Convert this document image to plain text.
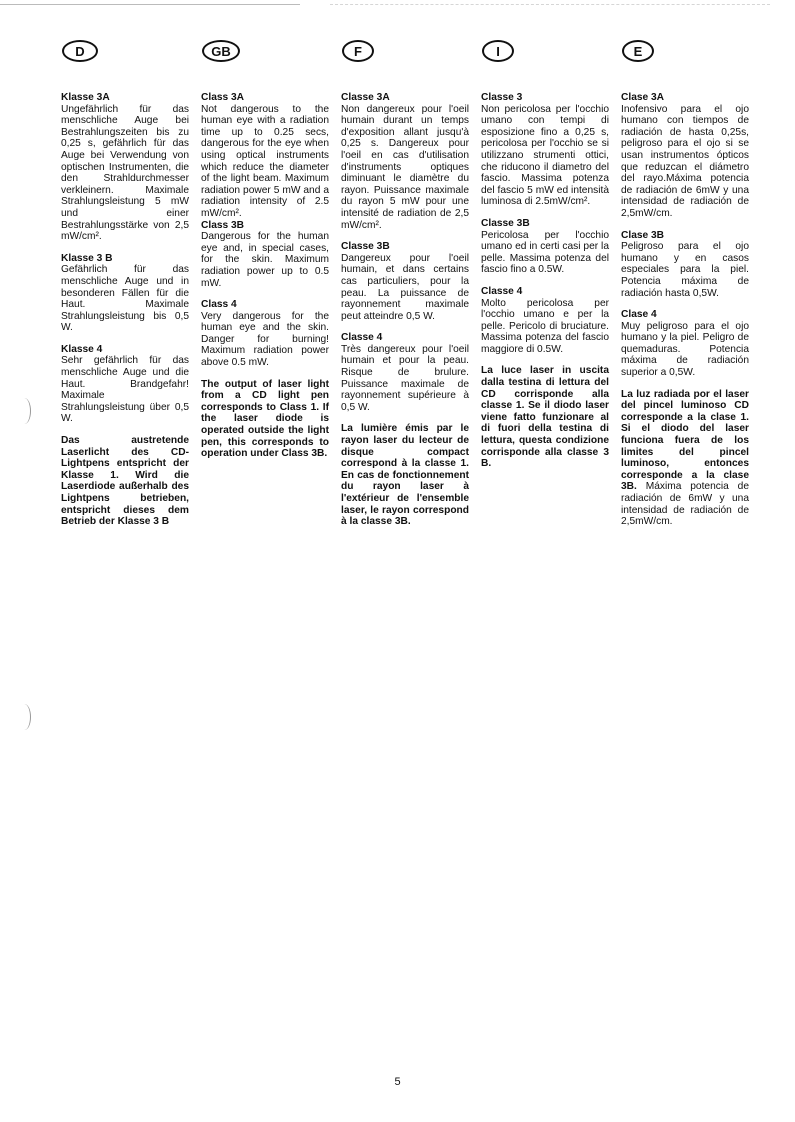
D	GB	F	I	E
Klasse 3A
Ungefährlich für das menschliche Auge bei Bestrahlungszeiten bis zu 0,25 s, gefährlich für das Auge bei Verwendung von optischen Instrumenten, die den Strahldurchmesser verkleinern. Maximale Strahlungsleistung 5 mW und einer Bestrahlungsstärke von 2,5 mW/cm².
Klasse 3 B
Gefährlich für das menschliche Auge und in besonderen Fällen für die Haut. Maximale Strahlungsleistung bis 0,5 W.
Klasse 4
Sehr gefährlich für das menschliche Auge und die Haut. Brandgefahr! Maximale Strahlungsleistung über 0,5 W.
Das austretende Laserlicht des CD- Lightpens entspricht der Klasse 1. Wird die Laserdiode außerhalb des Lightpens betrieben, entspricht dieses dem Betrieb der Klasse 3 B
Class 3A
Not dangerous to the human eye with a radiation time up to 0.25 secs, dangerous for the eye when using optical instruments which reduce the diameter of the light beam. Maximum radiation power 5 mW and a radiation intensity of 2.5 mW/cm².
Class 3B
Dangerous for the human eye and, in special cases, for the skin. Maximum radiation power up to 0.5 mW.
Class 4
Very dangerous for the human eye and the skin. Danger for burning! Maximum radiation power above 0.5 mW.
The output of laser light from a CD light pen corresponds to Class 1. If the laser diode is operated outside the light pen, this corresponds to operation under Class 3B.
Classe 3A
Non dangereux pour l'oeil humain durant un temps d'exposition allant jusqu'à 0,25 s. Dangereux pour l'oeil en cas d'utilisation d'instruments optiques diminuant le diamètre du rayon. Puissance maximale du rayon 5 mW pour une intensité de radiation de 2,5 mW/cm².
Classe 3B
Dangereux pour l'oeil humain, et dans certains cas particuliers, pour la peau. La puissance de rayonnement maximale peut atteindre 0,5 W.
Classe 4
Très dangereux pour l'oeil humain et pour la peau. Risque de brulure. Puissance maximale de rayonnement supérieure à 0,5 W.
La lumière émis par le rayon laser du lecteur de disque compact correspond à la classe 1. En cas de fonctionnement du rayon laser à l'extérieur de l'ensemble laser, le rayon correspond à la classe 3B.
Classe 3
Non pericolosa per l'occhio umano con tempi di esposizione fino a 0,25 s, pericolosa per l'occhio se si utilizzano strumenti ottici, che riducono il diametro del fascio. Massima potenza del fascio 5 mW ed intensità luminosa di 2.5mW/cm².
Classe 3B
Pericolosa per l'occhio umano ed in certi casi per la pelle. Massima potenza del fascio fino a 0.5W.
Classe 4
Molto pericolosa per l'occhio umano e per la pelle. Pericolo di bruciature. Massima potenza del fascio maggiore di 0.5W.
La luce laser in uscita dalla testina di lettura del CD corrisponde alla classe 1. Se il diodo laser viene fatto funzionare al di fuori della testina di lettura, questa condizione corrisponde alla classe 3 B.
Clase 3A
Inofensivo para el ojo humano con tiempos de radiación de hasta 0,25s, peligroso para el ojo si se usan instrumentos ópticos que reduzcan el diámetro del rayo.Máxima potencia de radiación de 6mW y una intensidad de radiación de 2,5mW/cm.
Clase 3B
Peligroso para el ojo humano y en casos especiales para la piel. Potencia máxima de radiación hasta 0,5W.
Clase 4
Muy peligroso para el ojo humano y la piel. Peligro de quemaduras. Potencia máxima de radiación superior a 0,5W.
La luz radiada por el laser del pincel luminoso CD corresponde a la clase 1. Si el diodo del laser funciona fuera de los limites del pincel luminoso, entonces corresponde a la clase 3B. Máxima potencia de radiación de 6mW y una intensidad de radiación de 2,5mW/cm.
5
